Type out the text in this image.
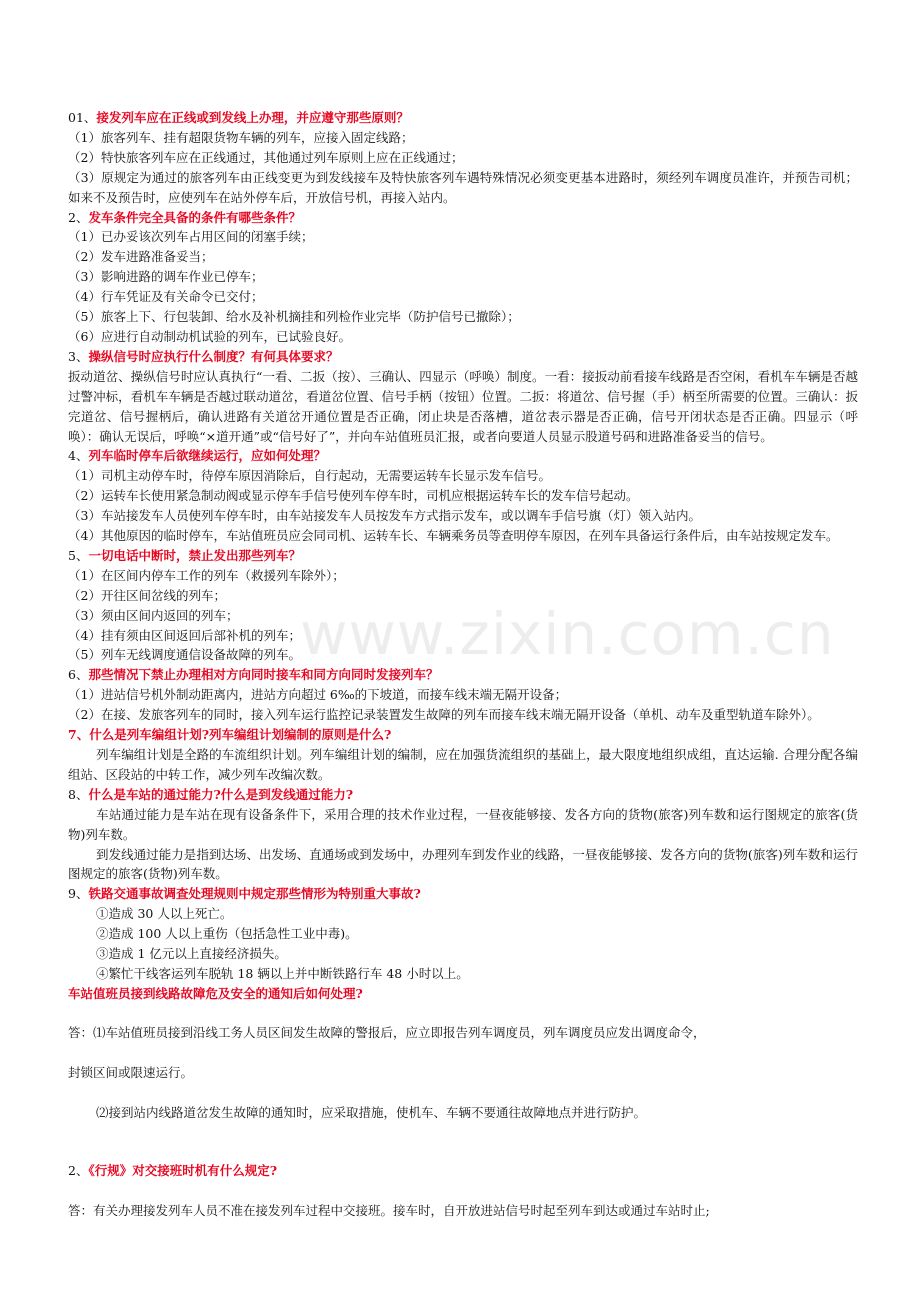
www.zixin.com.cn
01、接发列车应在正线或到发线上办理，并应遵守那些原则？
（1）旅客列车、挂有超限货物车辆的列车，应接入固定线路；
（2）特快旅客列车应在正线通过，其他通过列车原则上应在正线通过；
（3）原规定为通过的旅客列车由正线变更为到发线接车及特快旅客列车遇特殊情况必须变更基本进路时，须经列车调度员准许，并预告司机；如来不及预告时，应使列车在站外停车后，开放信号机，再接入站内。
2、发车条件完全具备的条件有哪些条件？
（1）已办妥该次列车占用区间的闭塞手续；
（2）发车进路准备妥当；
（3）影响进路的调车作业已停车；
（4）行车凭证及有关命令已交付；
（5）旅客上下、行包装卸、给水及补机摘挂和列检作业完毕（防护信号已撤除）；
（6）应进行自动制动机试验的列车，已试验良好。
3、操纵信号时应执行什么制度？有何具体要求？
扳动道岔、操纵信号时应认真执行“一看、二扳（按）、三确认、四显示（呼唤）制度。一看：接扳动前看接车线路是否空闲，看机车车辆是否越过警冲标，看机车车辆是否越过联动道岔，看道岔位置、信号手柄（按钮）位置。二扳：将道岔、信号握（手）柄至所需要的位置。三确认：扳完道岔、信号握柄后，确认进路有关道岔开通位置是否正确，闭止块是否落槽，道岔表示器是否正确，信号开闭状态是否正确。四显示（呼唤）：确认无误后，呼唤“×道开通”或“信号好了”，并向车站值班员汇报，或者向要道人员显示股道号码和进路准备妥当的信号。
4、列车临时停车后欲继续运行，应如何处理？
（1）司机主动停车时，待停车原因消除后，自行起动，无需要运转车长显示发车信号。
（2）运转车长使用紧急制动阀或显示停车手信号使列车停车时，司机应根据运转车长的发车信号起动。
（3）车站接发车人员使列车停车时，由车站接发车人员按发车方式指示发车，或以调车手信号旗（灯）领入站内。
（4）其他原因的临时停车，车站值班员应会同司机、运转车长、车辆乘务员等查明停车原因，在列车具备运行条件后，由车站按规定发车。
5、一切电话中断时，禁止发出那些列车？
（1）在区间内停车工作的列车（救援列车除外）；
（2）开往区间岔线的列车；
（3）须由区间内返回的列车；
（4）挂有须由区间返回后部补机的列车；
（5）列车无线调度通信设备故障的列车。
6、那些情况下禁止办理相对方向同时接车和同方向同时发接列车？
（1）进站信号机外制动距离内，进站方向超过 6‰的下坡道，而接车线末端无隔开设备；
（2）在接、发旅客列车的同时，接入列车运行监控记录装置发生故障的列车而接车线末端无隔开设备（单机、动车及重型轨道车除外）。
7、什么是列车编组计划?列车编组计划编制的原则是什么?
列车编组计划是全路的车流组织计划。列车编组计划的编制，应在加强货流组织的基础上，最大限度地组织成组，直达运输. 合理分配各编组站、区段站的中转工作，减少列车改编次数。
8、什么是车站的通过能力?什么是到发线通过能力?
车站通过能力是车站在现有设备条件下，采用合理的技术作业过程，一昼夜能够接、发各方向的货物(旅客)列车数和运行图规定的旅客(货物)列车数。
到发线通过能力是指到达场、出发场、直通场或到发场中，办理列车到发作业的线路，一昼夜能够接、发各方向的货物(旅客)列车数和运行图规定的旅客(货物)列车数。
9、铁路交通事故调查处理规则中规定那些情形为特别重大事故?
①造成 30 人以上死亡。
②造成 100 人以上重伤（包括急性工业中毒)。
③造成 1 亿元以上直接经济损失。
④繁忙干线客运列车脱轨 18 辆以上并中断铁路行车 48 小时以上。
车站值班员接到线路故障危及安全的通知后如何处理?
答：⑴车站值班员接到沿线工务人员区间发生故障的警报后，应立即报告列车调度员，列车调度员应发出调度命令，
封锁区间或限速运行。
⑵接到站内线路道岔发生故障的通知时，应采取措施，使机车、车辆不要通往故障地点并进行防护。
2、《行规》对交接班时机有什么规定?
答：有关办理接发列车人员不准在接发列车过程中交接班。接车时，自开放进站信号时起至列车到达或通过车站时止;
